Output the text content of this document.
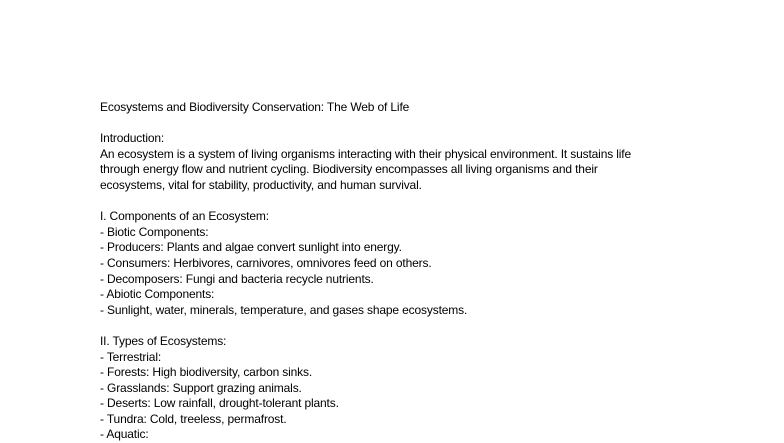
Ecosystems and Biodiversity Conservation: The Web of Life
Introduction:
An ecosystem is a system of living organisms interacting with their physical environment. It sustains life
through energy flow and nutrient cycling. Biodiversity encompasses all living organisms and their
ecosystems, vital for stability, productivity, and human survival.
I. Components of an Ecosystem:
- Biotic Components:
- Producers: Plants and algae convert sunlight into energy.
- Consumers: Herbivores, carnivores, omnivores feed on others.
- Decomposers: Fungi and bacteria recycle nutrients.
- Abiotic Components:
- Sunlight, water, minerals, temperature, and gases shape ecosystems.
II. Types of Ecosystems:
- Terrestrial:
- Forests: High biodiversity, carbon sinks.
- Grasslands: Support grazing animals.
- Deserts: Low rainfall, drought-tolerant plants.
- Tundra: Cold, treeless, permafrost.
- Aquatic:
